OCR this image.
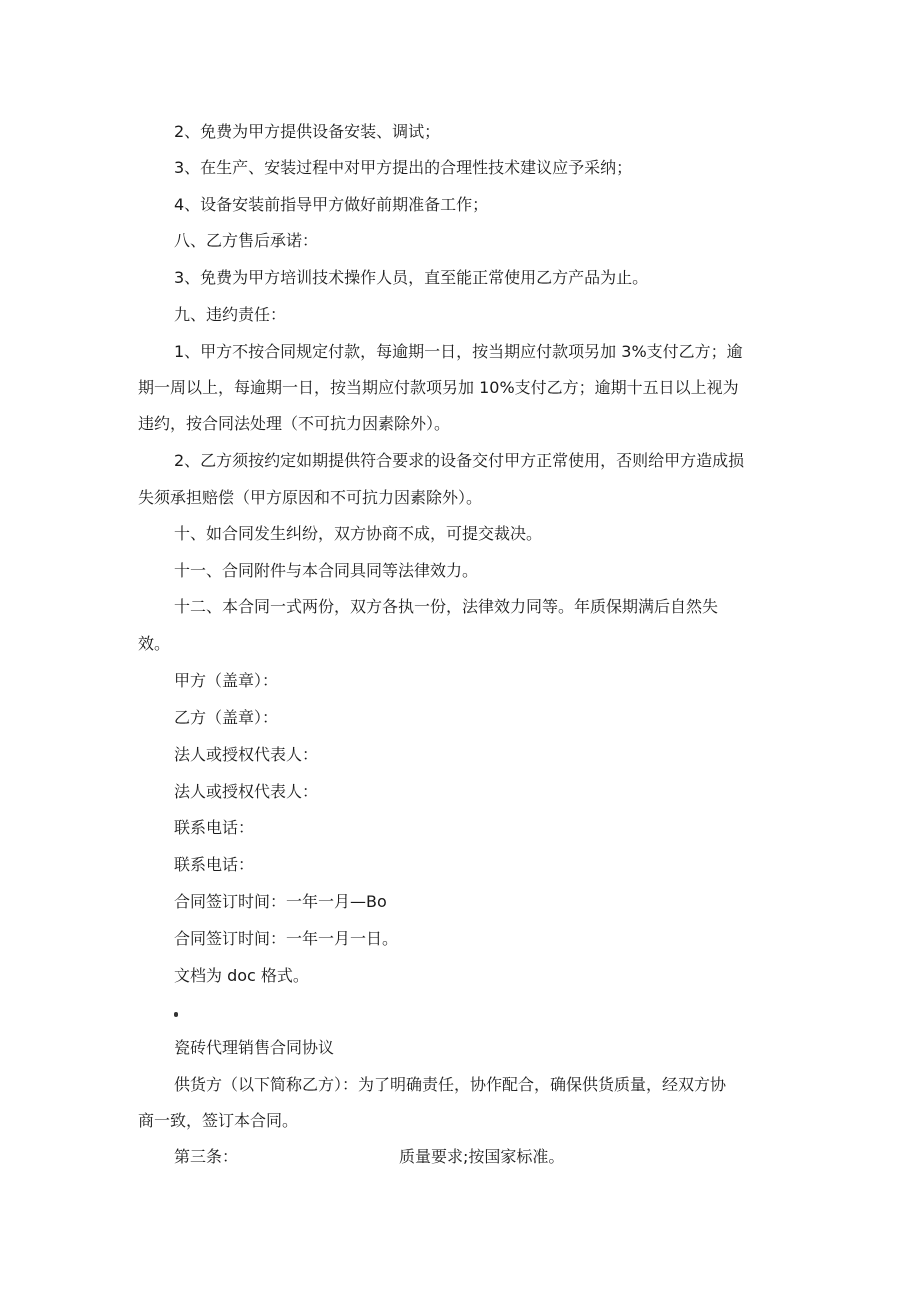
2、免费为甲方提供设备安装、调试；
3、在生产、安装过程中对甲方提出的合理性技术建议应予采纳；
4、设备安装前指导甲方做好前期准备工作；
八、乙方售后承诺：
3、免费为甲方培训技术操作人员，直至能正常使用乙方产品为止。
九、违约责任：
1、甲方不按合同规定付款，每逾期一日，按当期应付款项另加 3%支付乙方；逾
期一周以上，每逾期一日，按当期应付款项另加 10%支付乙方；逾期十五日以上视为
违约，按合同法处理（不可抗力因素除外）。
2、乙方须按约定如期提供符合要求的设备交付甲方正常使用，否则给甲方造成损
失须承担赔偿（甲方原因和不可抗力因素除外）。
十、如合同发生纠纷，双方协商不成，可提交裁决。
十一、合同附件与本合同具同等法律效力。
十二、本合同一式两份，双方各执一份，法律效力同等。年质保期满后自然失
效。
甲方（盖章）：
乙方（盖章）：
法人或授权代表人：
法人或授权代表人：
联系电话：
联系电话：
合同签订时间：一年一月—Bo
合同签订时间：一年一月一日。
文档为 doc 格式。
瓷砖代理销售合同协议
供货方（以下简称乙方）：为了明确责任，协作配合，确保供货质量，经双方协
商一致，签订本合同。
第三条：	质量要求;按国家标准。
